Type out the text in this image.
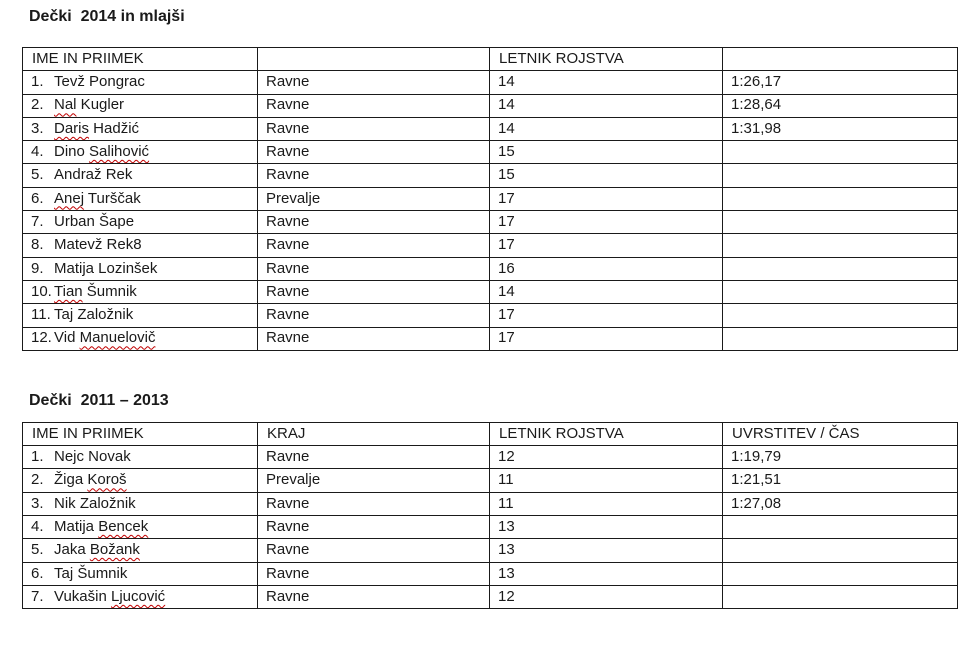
Dečki  2014 in mlajši
IME IN PRIIMEK		LETNIK ROJSTVA	
1. Tevž Pongrac	Ravne	14	1:26,17
2. Nal Kugler	Ravne	14	1:28,64
3. Daris Hadžić	Ravne	14	1:31,98
4. Dino Salihović	Ravne	15	
5. Andraž Rek	Ravne	15	
6. Anej Turščak	Prevalje	17	
7. Urban Šape	Ravne	17	
8. Matevž Rek8	Ravne	17	
9. Matija Lozinšek	Ravne	16	
10. Tian Šumnik	Ravne	14	
11. Taj Založnik	Ravne	17	
12. Vid Manuelovič	Ravne	17	
Dečki  2011 – 2013
IME IN PRIIMEK	KRAJ	LETNIK ROJSTVA	UVRSTITEV / ČAS
1. Nejc Novak	Ravne	12	1:19,79
2. Žiga Koroš	Prevalje	11	1:21,51
3. Nik Založnik	Ravne	11	1:27,08
4. Matija Bencek	Ravne	13	
5. Jaka Božank	Ravne	13	
6. Taj Šumnik	Ravne	13	
7. Vukašin Ljucović	Ravne	12	
